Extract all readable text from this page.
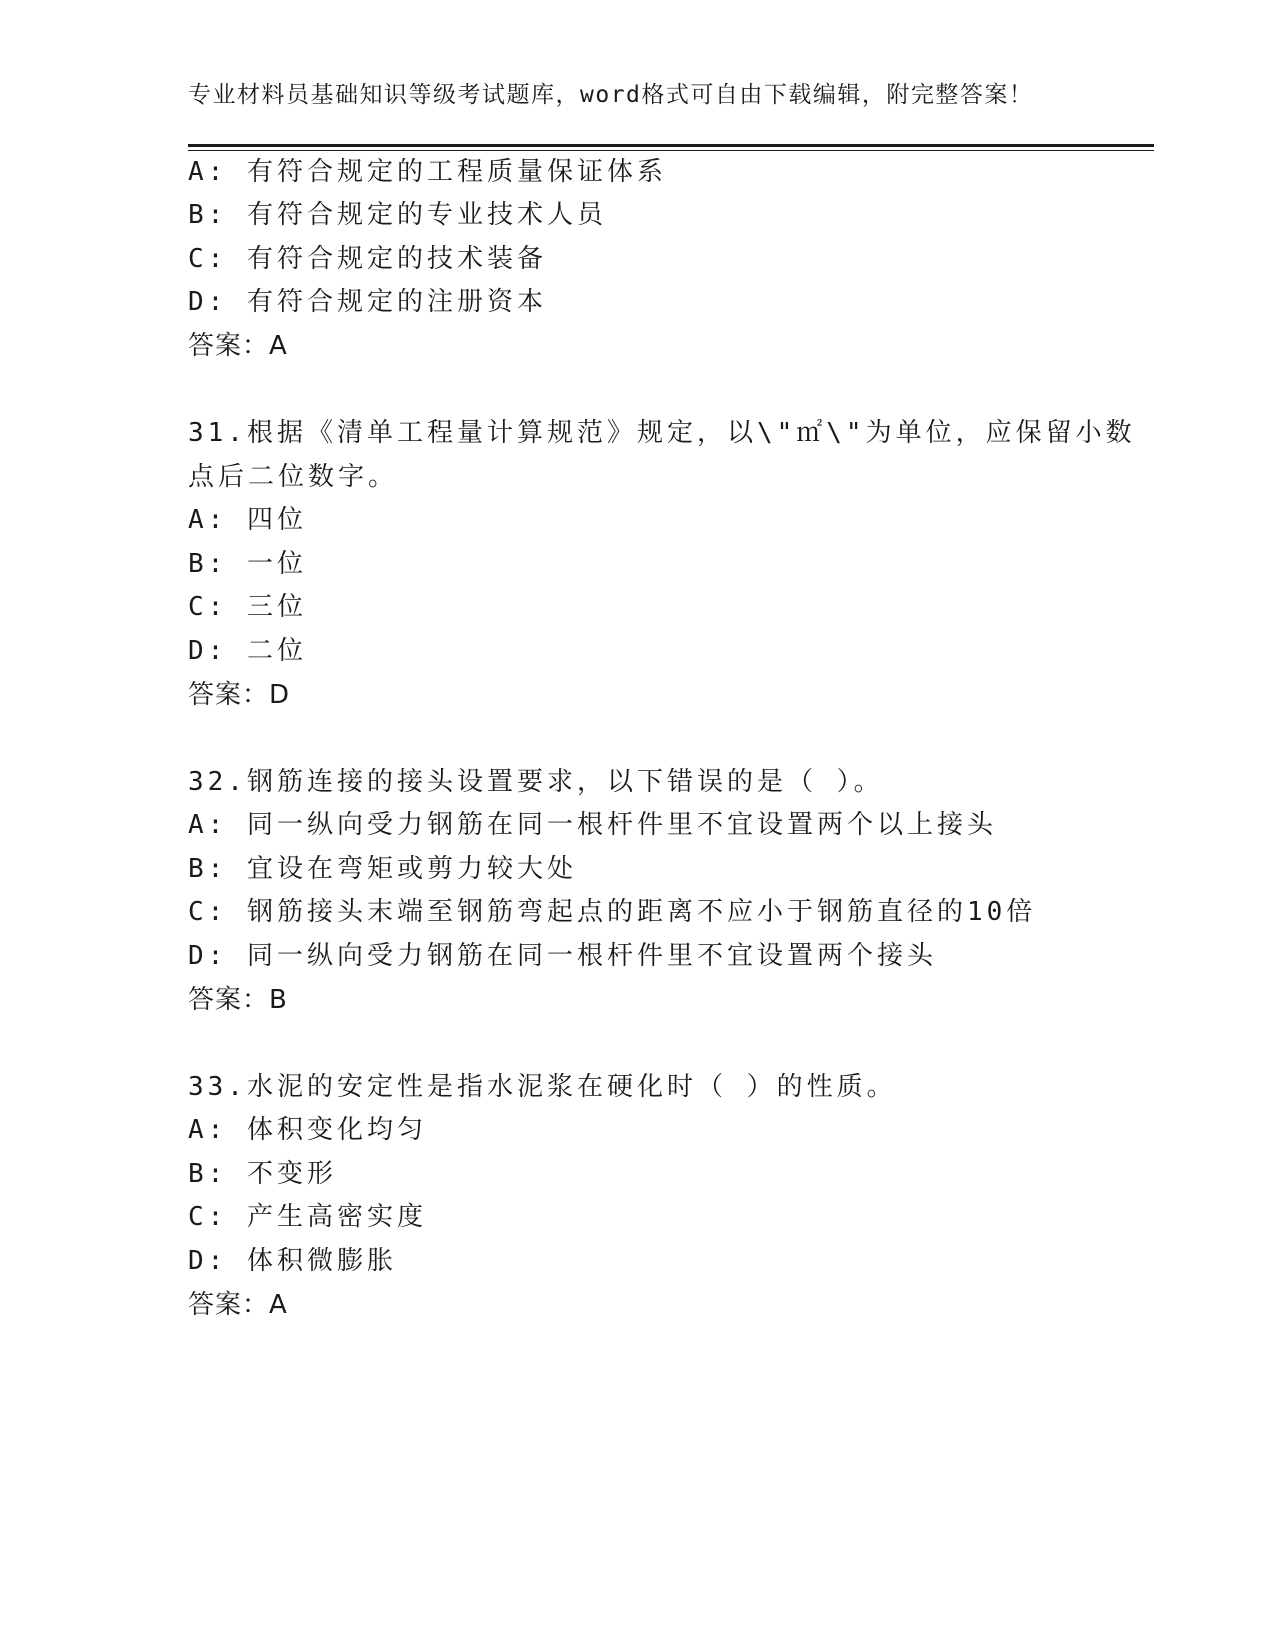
专业材料员基础知识等级考试题库，word格式可自由下载编辑，附完整答案！
A: 有符合规定的工程质量保证体系
B: 有符合规定的专业技术人员
C: 有符合规定的技术装备
D: 有符合规定的注册资本
答案：A
31.根据《清单工程量计算规范》规定，以\"㎡\"为单位，应保留小数
点后二位数字。
A: 四位
B: 一位
C: 三位
D: 二位
答案：D
32.钢筋连接的接头设置要求，以下错误的是（ ）。
A: 同一纵向受力钢筋在同一根杆件里不宜设置两个以上接头
B: 宜设在弯矩或剪力较大处
C: 钢筋接头末端至钢筋弯起点的距离不应小于钢筋直径的10倍
D: 同一纵向受力钢筋在同一根杆件里不宜设置两个接头
答案：B
33.水泥的安定性是指水泥浆在硬化时（ ）的性质。
A: 体积变化均匀
B: 不变形
C: 产生高密实度
D: 体积微膨胀
答案：A
